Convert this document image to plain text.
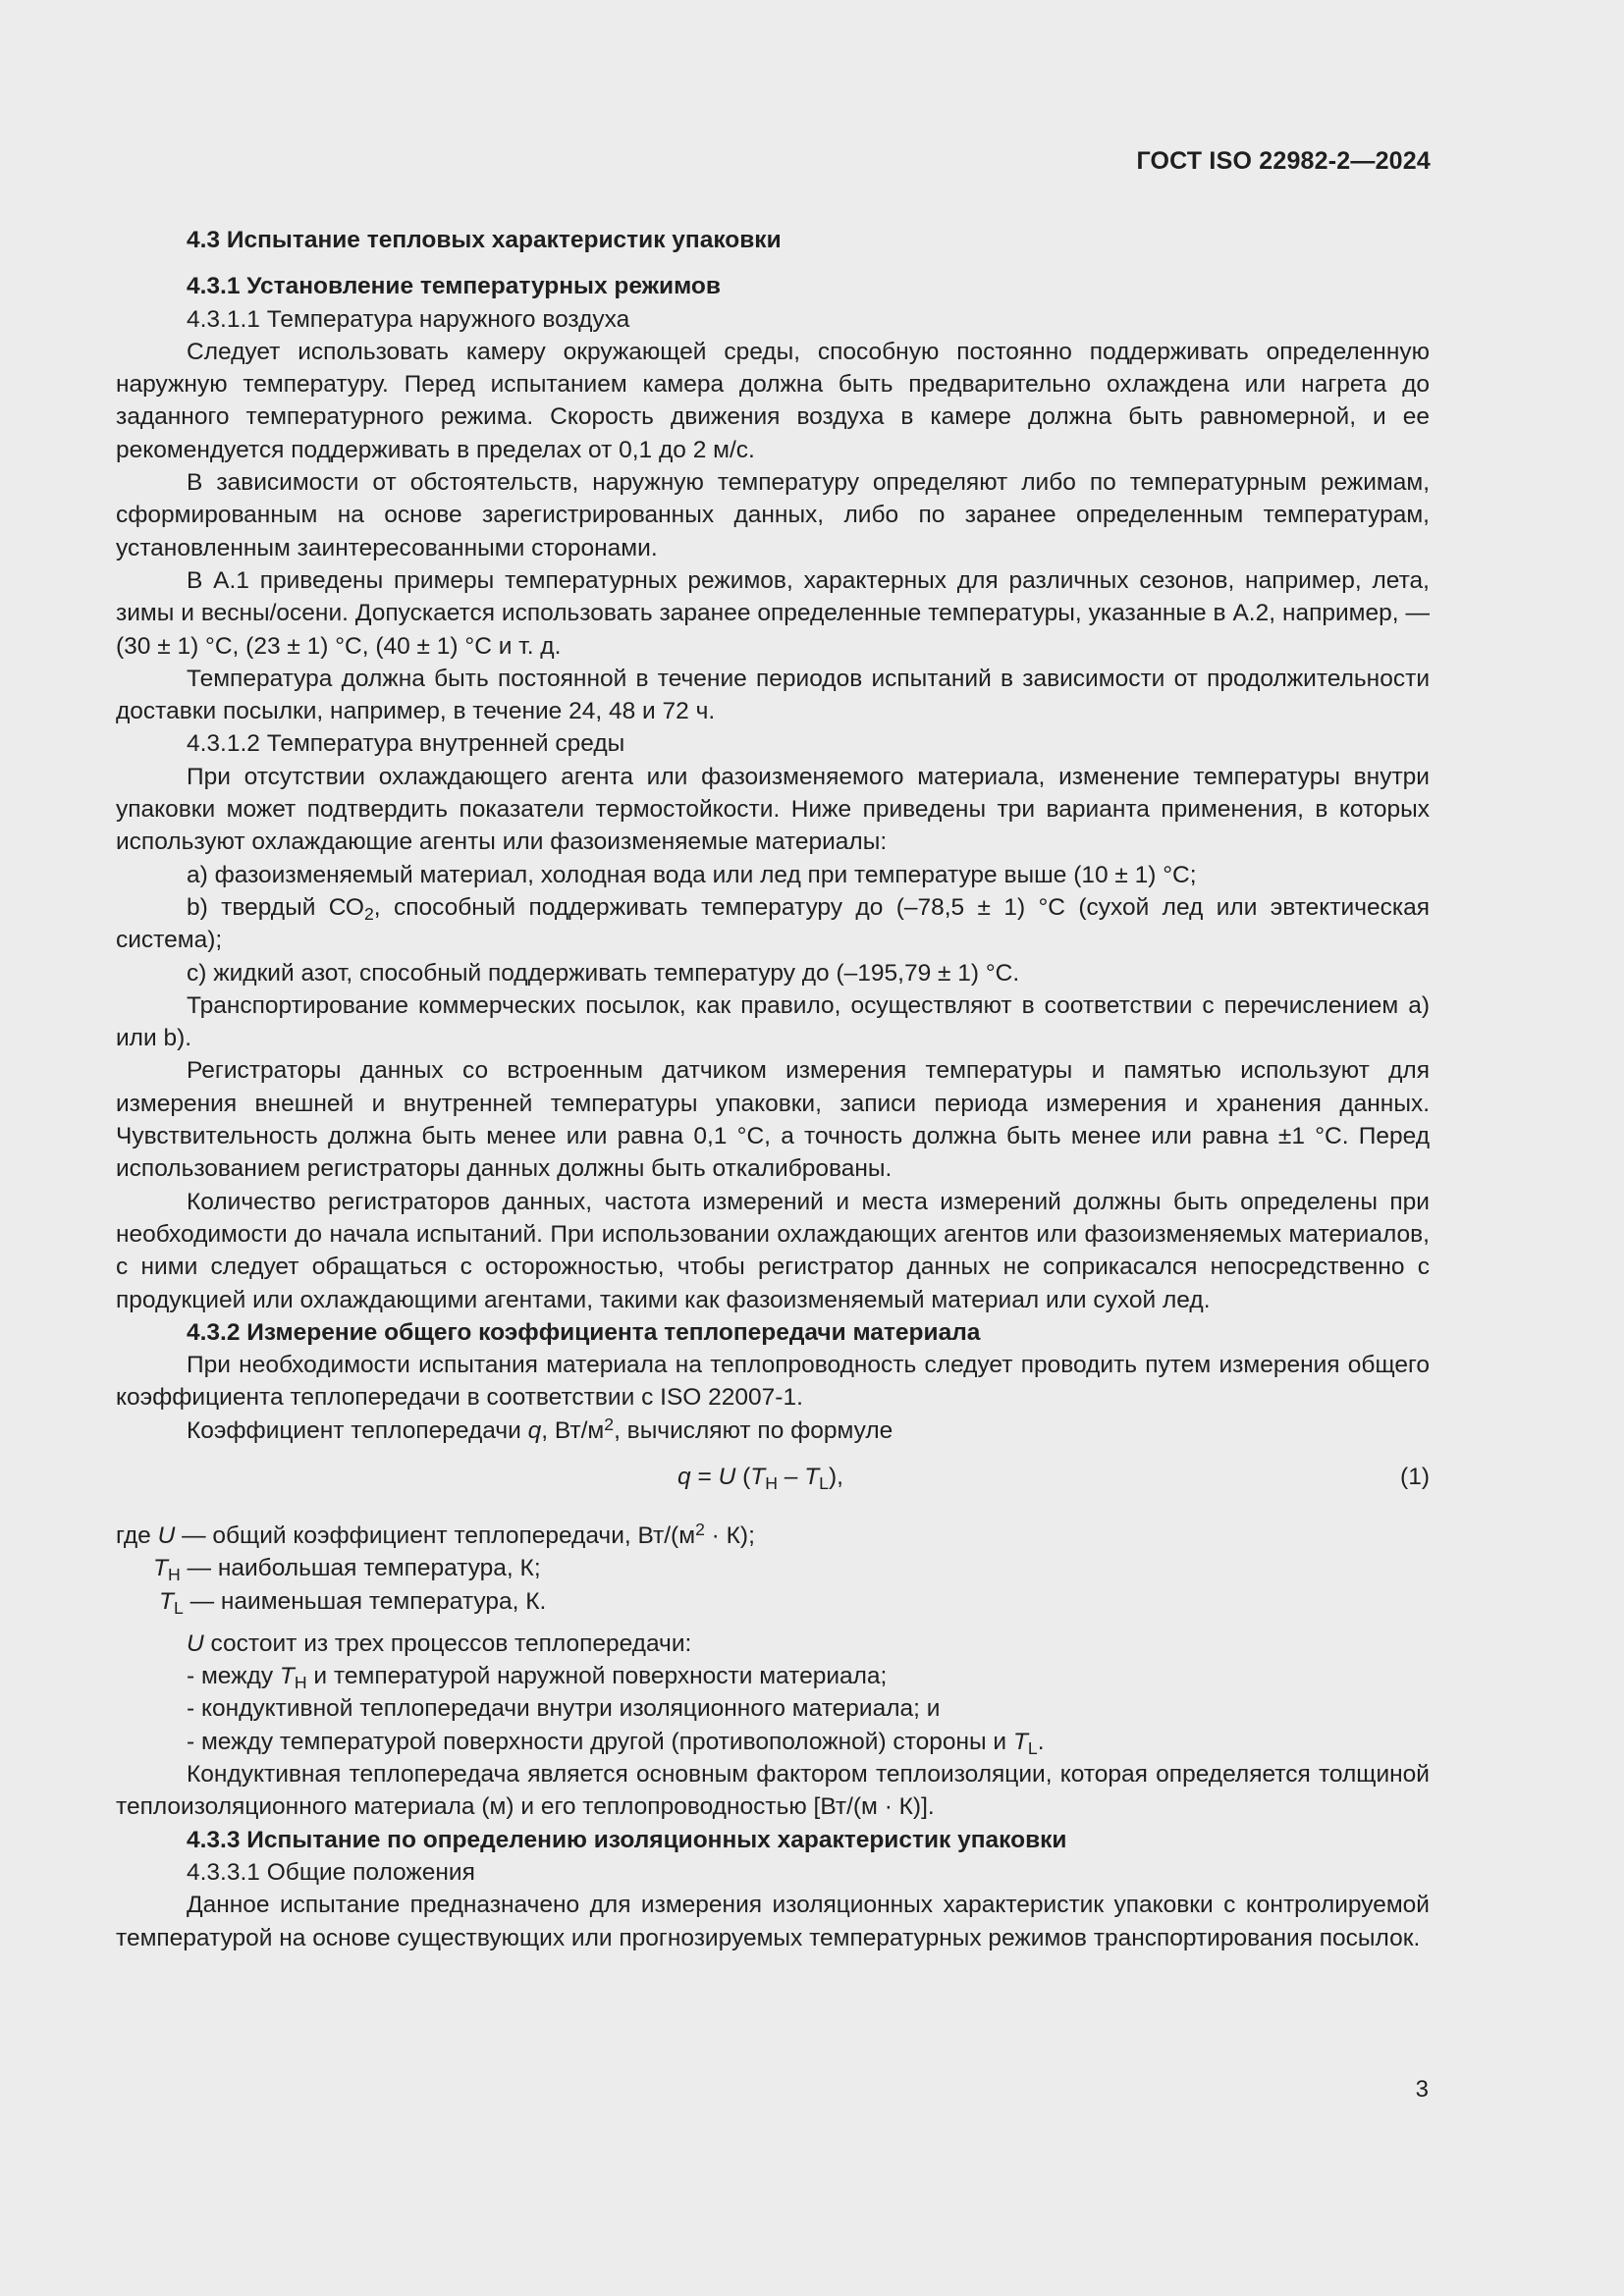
ГОСТ ISO 22982-2—2024

4.3 Испытание тепловых характеристик упаковки

4.3.1 Установление температурных режимов

4.3.1.1 Температура наружного воздуха

Следует использовать камеру окружающей среды, способную постоянно поддерживать определенную наружную температуру. Перед испытанием камера должна быть предварительно охлаждена или нагрета до заданного температурного режима. Скорость движения воздуха в камере должна быть равномерной, и ее рекомендуется поддерживать в пределах от 0,1 до 2 м/с.

В зависимости от обстоятельств, наружную температуру определяют либо по температурным режимам, сформированным на основе зарегистрированных данных, либо по заранее определенным температурам, установленным заинтересованными сторонами.

В А.1 приведены примеры температурных режимов, характерных для различных сезонов, например, лета, зимы и весны/осени. Допускается использовать заранее определенные температуры, указанные в А.2, например, — (30 ± 1) °С, (23 ± 1) °С, (40 ± 1) °С и т. д.

Температура должна быть постоянной в течение периодов испытаний в зависимости от продолжительности доставки посылки, например, в течение 24, 48 и 72 ч.

4.3.1.2 Температура внутренней среды

При отсутствии охлаждающего агента или фазоизменяемого материала, изменение температуры внутри упаковки может подтвердить показатели термостойкости. Ниже приведены три варианта применения, в которых используют охлаждающие агенты или фазоизменяемые материалы:

а) фазоизменяемый материал, холодная вода или лед при температуре выше (10 ± 1) °С;

b) твердый $СО_2$, способный поддерживать температуру до (–78,5 ± 1) °С (сухой лед или эвтектическая система);

с) жидкий азот, способный поддерживать температуру до (–195,79 ± 1) °С.

Транспортирование коммерческих посылок, как правило, осуществляют в соответствии с перечислением а) или b).

Регистраторы данных со встроенным датчиком измерения температуры и памятью используют для измерения внешней и внутренней температуры упаковки, записи периода измерения и хранения данных. Чувствительность должна быть менее или равна 0,1 °С, а точность должна быть менее или равна ±1 °С. Перед использованием регистраторы данных должны быть откалиброваны.

Количество регистраторов данных, частота измерений и места измерений должны быть определены при необходимости до начала испытаний. При использовании охлаждающих агентов или фазоизменяемых материалов, с ними следует обращаться с осторожностью, чтобы регистратор данных не соприкасался непосредственно с продукцией или охлаждающими агентами, такими как фазоизменяемый материал или сухой лед.

4.3.2 Измерение общего коэффициента теплопередачи материала

При необходимости испытания материала на теплопроводность следует проводить путем измерения общего коэффициента теплопередачи в соответствии с ISO 22007-1.

Коэффициент теплопередачи q, $Вт/м^2$, вычисляют по формуле

q = U $(T_H - T_L)$,	(1)

где U — общий коэффициент теплопередачи, $Вт/(м^2 \cdot К)$;

$T_H$ — наибольшая температура, К;

$T_L$ — наименьшая температура, К.

U состоит из трех процессов теплопередачи:

- между $T_H$ и температурой наружной поверхности материала;

- кондуктивной теплопередачи внутри изоляционного материала; и

- между температурой поверхности другой (противоположной) стороны и $T_L$.

Кондуктивная теплопередача является основным фактором теплоизоляции, которая определяется толщиной теплоизоляционного материала (м) и его теплопроводностью [Вт/(м · К)].

4.3.3 Испытание по определению изоляционных характеристик упаковки

4.3.3.1 Общие положения

Данное испытание предназначено для измерения изоляционных характеристик упаковки с контролируемой температурой на основе существующих или прогнозируемых температурных режимов транспортирования посылок.

3
